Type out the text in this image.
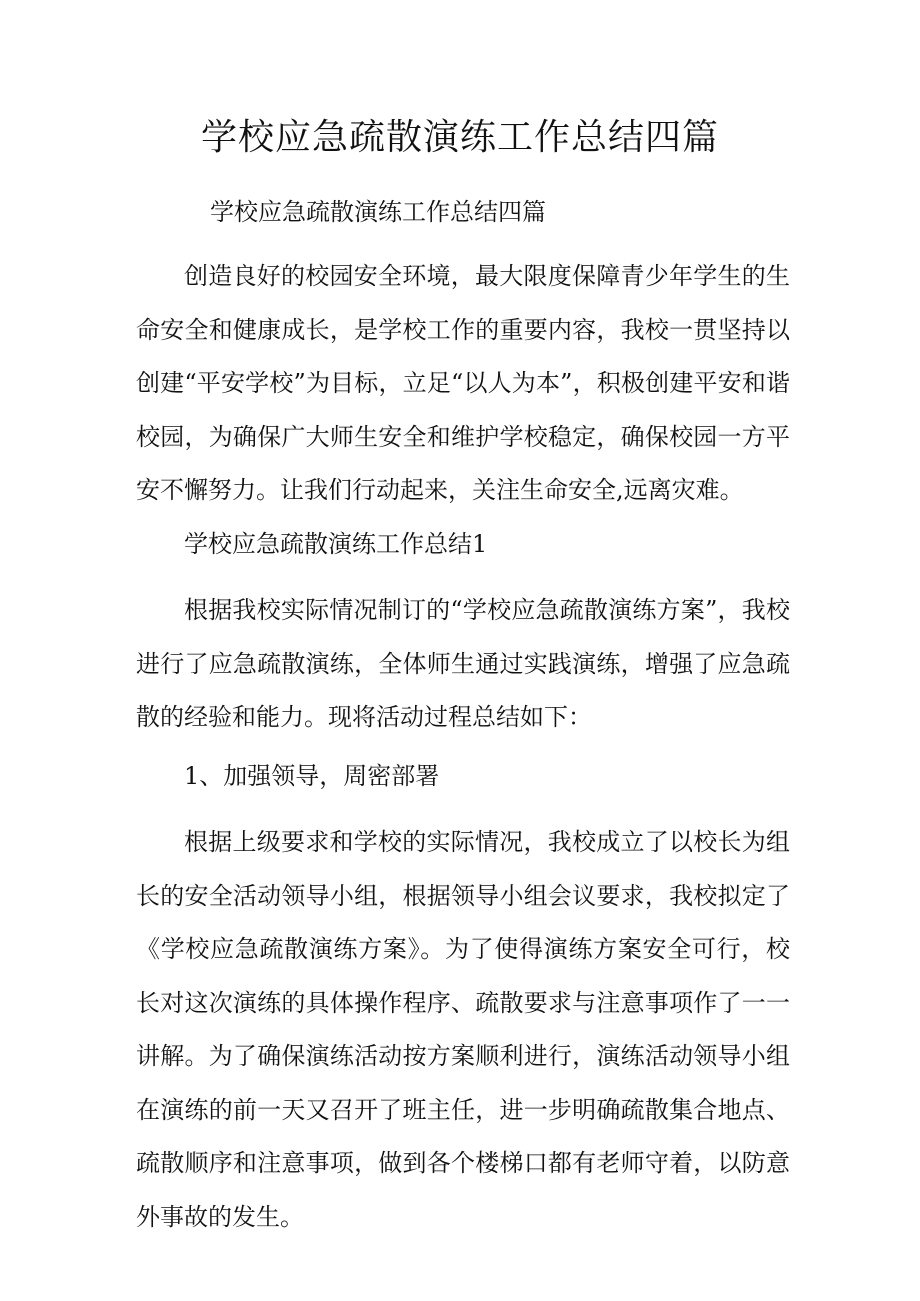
学校应急疏散演练工作总结四篇

学校应急疏散演练工作总结四篇

创造良好的校园安全环境，最大限度保障青少年学生的生命安全和健康成长，是学校工作的重要内容，我校一贯坚持以创建“平安学校”为目标，立足“以人为本”，积极创建平安和谐校园，为确保广大师生安全和维护学校稳定，确保校园一方平安不懈努力。让我们行动起来，关注生命安全,远离灾难。

学校应急疏散演练工作总结1

根据我校实际情况制订的“学校应急疏散演练方案”，我校进行了应急疏散演练，全体师生通过实践演练，增强了应急疏散的经验和能力。现将活动过程总结如下：

1、加强领导，周密部署

根据上级要求和学校的实际情况，我校成立了以校长为组长的安全活动领导小组，根据领导小组会议要求，我校拟定了《学校应急疏散演练方案》。为了使得演练方案安全可行，校长对这次演练的具体操作程序、疏散要求与注意事项作了一一讲解。为了确保演练活动按方案顺利进行，演练活动领导小组在演练的前一天又召开了班主任，进一步明确疏散集合地点、疏散顺序和注意事项，做到各个楼梯口都有老师守着，以防意外事故的发生。
